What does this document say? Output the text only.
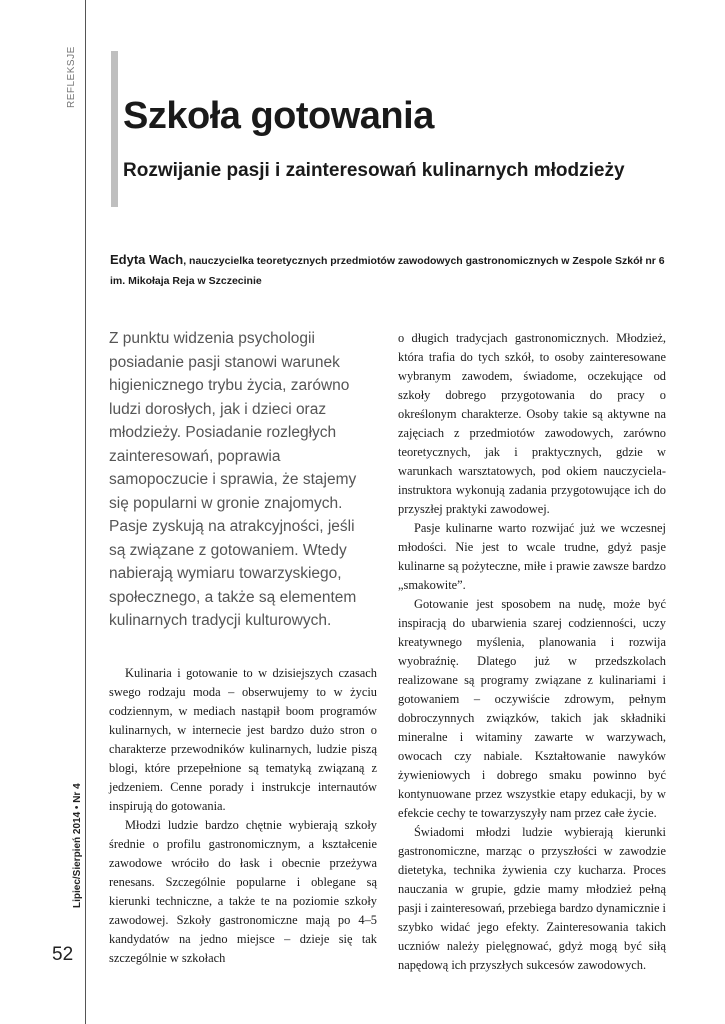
REFLEKSJE
Lipiec/Sierpień 2014 • Nr 4
52
Szkoła gotowania
Rozwijanie pasji i zainteresowań kulinarnych młodzieży

Edyta Wach, nauczycielka teoretycznych przedmiotów zawodowych gastronomicznych w Zespole Szkół nr 6 im. Mikołaja Reja w Szczecinie

Z punktu widzenia psychologii posiadanie pasji stanowi warunek higienicznego trybu życia, zarówno ludzi dorosłych, jak i dzieci oraz młodzieży. Posiadanie rozległych zainteresowań, poprawia samopoczucie i sprawia, że stajemy się popularni w gronie znajomych. Pasje zyskują na atrakcyjności, jeśli są związane z gotowaniem. Wtedy nabierają wymiaru towarzyskiego, społecznego, a także są elementem kulinarnych tradycji kulturowych.

Kulinaria i gotowanie to w dzisiejszych czasach swego rodzaju moda – obserwujemy to w życiu codziennym, w mediach nastąpił boom programów kulinarnych, w internecie jest bardzo dużo stron o charakterze przewodników kulinarnych, ludzie piszą blogi, które przepełnione są tematyką związaną z jedzeniem. Cenne porady i instrukcje internautów inspirują do gotowania.

Młodzi ludzie bardzo chętnie wybierają szkoły średnie o profilu gastronomicznym, a kształcenie zawodowe wróciło do łask i obecnie przeżywa renesans. Szczególnie popularne i oblegane są kierunki techniczne, a także te na poziomie szkoły zawodowej. Szkoły gastronomiczne mają po 4–5 kandydatów na jedno miejsce – dzieje się tak szczególnie w szkołach

o długich tradycjach gastronomicznych. Młodzież, która trafia do tych szkół, to osoby zainteresowane wybranym zawodem, świadome, oczekujące od szkoły dobrego przygotowania do pracy o określonym charakterze. Osoby takie są aktywne na zajęciach z przedmiotów zawodowych, zarówno teoretycznych, jak i praktycznych, gdzie w warunkach warsztatowych, pod okiem nauczyciela-instruktora wykonują zadania przygotowujące ich do przyszłej praktyki zawodowej.

Pasje kulinarne warto rozwijać już we wczesnej młodości. Nie jest to wcale trudne, gdyż pasje kulinarne są pożyteczne, miłe i prawie zawsze bardzo „smakowite”.

Gotowanie jest sposobem na nudę, może być inspiracją do ubarwienia szarej codzienności, uczy kreatywnego myślenia, planowania i rozwija wyobraźnię. Dlatego już w przedszkolach realizowane są programy związane z kulinariami i gotowaniem – oczywiście zdrowym, pełnym dobroczynnych związków, takich jak składniki mineralne i witaminy zawarte w warzywach, owocach czy nabiale. Kształtowanie nawyków żywieniowych i dobrego smaku powinno być kontynuowane przez wszystkie etapy edukacji, by w efekcie cechy te towarzyszyły nam przez całe życie.

Świadomi młodzi ludzie wybierają kierunki gastronomiczne, marząc o przyszłości w zawodzie dietetyka, technika żywienia czy kucharza. Proces nauczania w grupie, gdzie mamy młodzież pełną pasji i zainteresowań, przebiega bardzo dynamicznie i szybko widać jego efekty. Zainteresowania takich uczniów należy pielęgnować, gdyż mogą być siłą napędową ich przyszłych sukcesów zawodowych.
